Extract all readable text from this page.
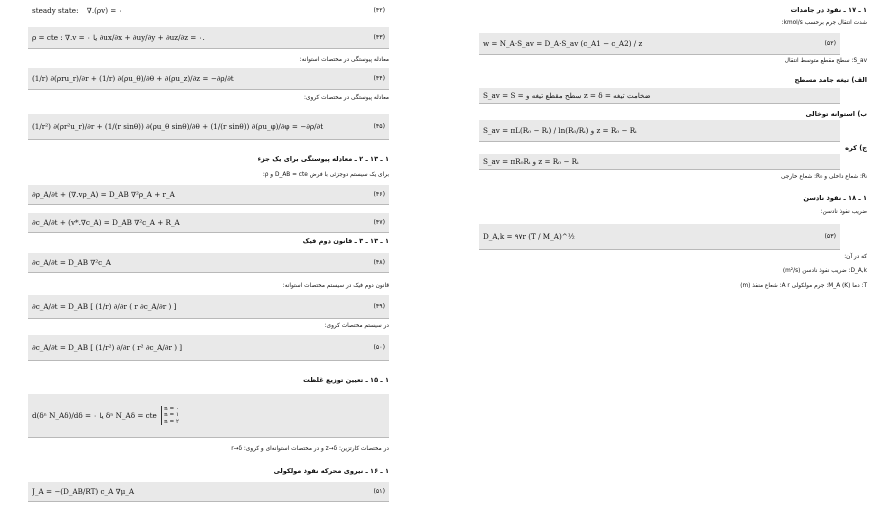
steady state: ∇.(ρv) = ۰	(۴۲)
ρ = cte : ∇.v = ۰ یا ∂ux/∂x + ∂uy/∂y + ∂uz/∂z = ۰.	(۴۳)
معادله پیوستگی در مختصات استوانه:
(1/r) ∂(ρru_r)/∂r + (1/r) ∂(ρu_θ)/∂θ + ∂(ρu_z)/∂z = −∂ρ/∂t	(۴۴)
معادله پیوستگی در مختصات کروی:
(1/r²) ∂(ρr²u_r)/∂r + (1/(r sinθ)) ∂(ρu_θ sinθ)/∂θ + (1/(r sinθ)) ∂(ρu_φ)/∂φ = −∂ρ/∂t	(۴۵)
۱ ـ ۱۳ ـ ۲ ـ معادله پیوستگی برای یک جزء
برای یک سیستم دوجزئی با فرض D_AB = cte و ρ:
∂ρ_A/∂t + (∇.vρ_A) = D_AB ∇²ρ_A + r_A	(۴۶)
∂c_A/∂t + (v*.∇c_A) = D_AB ∇²c_A + R_A	(۴۷)
۱ ـ ۱۳ ـ ۳ ـ قانون دوم فیک
∂c_A/∂t = D_AB ∇²c_A	(۴۸)
قانون دوم فیک در سیستم مختصات استوانه:
∂c_A/∂t = D_AB [ (1/r) ∂/∂r ( r ∂c_A/∂r ) ]	(۴۹)
در سیستم مختصات کروی:
∂c_A/∂t = D_AB [ (1/r²) ∂/∂r ( r² ∂c_A/∂r ) ]	(۵۰)
۱ ـ ۱۵ ـ تعیین توزیع غلظت
d(δⁿ N_Aδ)/dδ = ۰ یا δⁿ N_Aδ = cte
n = ۰
n = ۱
n = ۲
در مختصات کارتزین: z→δ و در مختصات استوانه‌ای و کروی: r→δ
۱ ـ ۱۶ ـ نیروی محرکه نفوذ مولکولی
J_A = −(D_AB/RT) c_A ∇μ_A	(۵۱)
۱ ـ ۱۷ ـ نفوذ در جامدات
شدت انتقال جرم برحسب kmol/s:
w = N_A·S_av = D_A·S_av (c_A1 − c_A2) / z	(۵۲)
S_av: سطح مقطع متوسط انتقال
الف) تیغه جامد مسطح
S_av = S = سطح مقطع تیغه و z = δ = ضخامت تیغه
ب) استوانه توخالی
S_av = πL(R₀ − Rᵢ) / ln(R₀/Rᵢ) و z = R₀ − Rᵢ
ج) کره
S_av = πR₀Rᵢ و z = R₀ − Rᵢ
Rᵢ: شعاع داخلی و R₀: شعاع خارجی
۱ ـ ۱۸ ـ نفوذ نادسن
ضریب نفوذ نادسن:
D_A,k = ۹۷r (T / M_A)^½	(۵۳)
که در آن:
D_A,k: ضریب نفوذ نادسن (m²/s)
T: دما (K) M_A: جرم مولکولی A r: شعاع منفذ (m)
